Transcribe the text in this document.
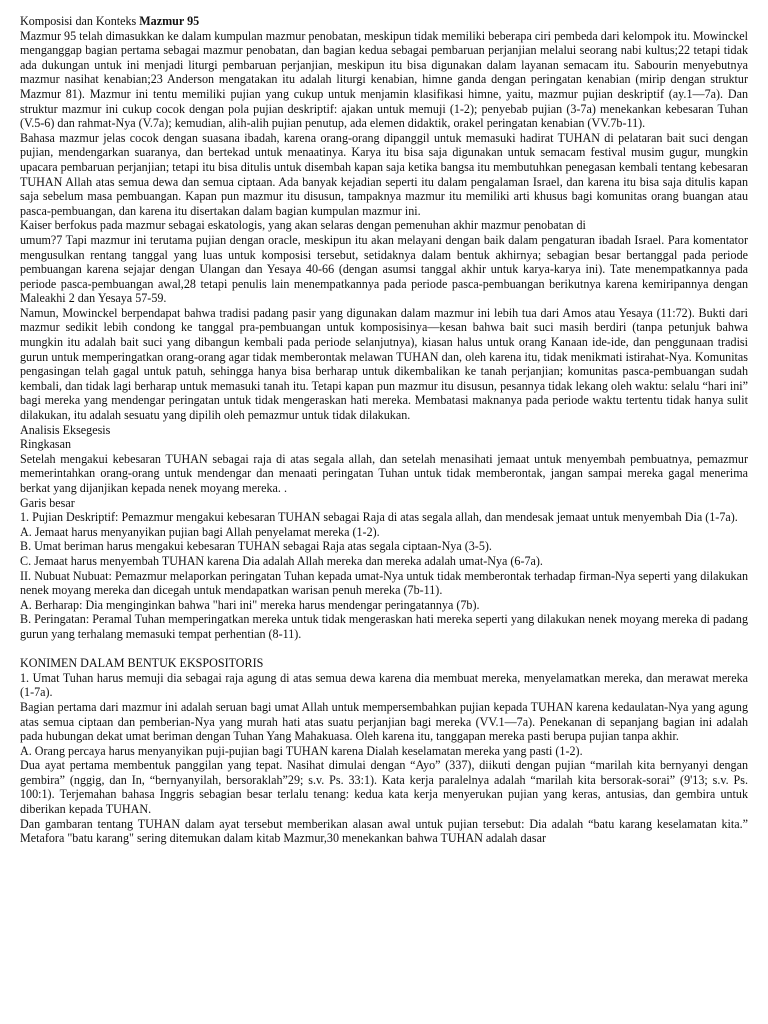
Komposisi dan Konteks Mazmur 95

Mazmur 95 telah dimasukkan ke dalam kumpulan mazmur penobatan, meskipun tidak memiliki beberapa ciri pembeda dari kelompok itu. Mowinckel menganggap bagian pertama sebagai mazmur penobatan, dan bagian kedua sebagai pembaruan perjanjian melalui seorang nabi kultus;22 tetapi tidak ada dukungan untuk ini menjadi liturgi pembaruan perjanjian, meskipun itu bisa digunakan dalam layanan semacam itu. Sabourin menyebutnya mazmur nasihat kenabian;23 Anderson mengatakan itu adalah liturgi kenabian, himne ganda dengan peringatan kenabian (mirip dengan struktur Mazmur 81). Mazmur ini tentu memiliki pujian yang cukup untuk menjamin klasifikasi himne, yaitu, mazmur pujian deskriptif (ay.1—7a). Dan struktur mazmur ini cukup cocok dengan pola pujian deskriptif: ajakan untuk memuji (1-2); penyebab pujian (3-7a) menekankan kebesaran Tuhan (V.5-6) dan rahmat-Nya (V.7a); kemudian, alih-alih pujian penutup, ada elemen didaktik, orakel peringatan kenabian (VV.7b-11).

Bahasa mazmur jelas cocok dengan suasana ibadah, karena orang-orang dipanggil untuk memasuki hadirat TUHAN di pelataran bait suci dengan pujian, mendengarkan suaranya, dan bertekad untuk menaatinya. Karya itu bisa saja digunakan untuk semacam festival musim gugur, mungkin upacara pembaruan perjanjian; tetapi itu bisa ditulis untuk disembah kapan saja ketika bangsa itu membutuhkan penegasan kembali tentang kebesaran TUHAN Allah atas semua dewa dan semua ciptaan. Ada banyak kejadian seperti itu dalam pengalaman Israel, dan karena itu bisa saja ditulis kapan saja sebelum masa pembuangan. Kapan pun mazmur itu disusun, tampaknya mazmur itu memiliki arti khusus bagi komunitas orang buangan atau pasca-pembuangan, dan karena itu disertakan dalam bagian kumpulan mazmur ini.

Kaiser berfokus pada mazmur sebagai eskatologis, yang akan selaras dengan pemenuhan akhir mazmur penobatan di

umum?7 Tapi mazmur ini terutama pujian dengan oracle, meskipun itu akan melayani dengan baik dalam pengaturan ibadah Israel. Para komentator mengusulkan rentang tanggal yang luas untuk komposisi tersebut, setidaknya dalam bentuk akhirnya; sebagian besar bertanggal pada periode pembuangan karena sejajar dengan Ulangan dan Yesaya 40-66 (dengan asumsi tanggal akhir untuk karya-karya ini). Tate menempatkannya pada periode pasca-pembuangan awal,28 tetapi penulis lain menempatkannya pada periode pasca-pembuangan berikutnya karena kemiripannya dengan Maleakhi 2 dan Yesaya 57-59.

Namun, Mowinckel berpendapat bahwa tradisi padang pasir yang digunakan dalam mazmur ini lebih tua dari Amos atau Yesaya (11:72). Bukti dari mazmur sedikit lebih condong ke tanggal pra-pembuangan untuk komposisinya—kesan bahwa bait suci masih berdiri (tanpa petunjuk bahwa mungkin itu adalah bait suci yang dibangun kembali pada periode selanjutnya), kiasan halus untuk orang Kanaan ide-ide, dan penggunaan tradisi gurun untuk memperingatkan orang-orang agar tidak memberontak melawan TUHAN dan, oleh karena itu, tidak menikmati istirahat-Nya. Komunitas pengasingan telah gagal untuk patuh, sehingga hanya bisa berharap untuk dikembalikan ke tanah perjanjian; komunitas pasca-pembuangan sudah kembali, dan tidak lagi berharap untuk memasuki tanah itu. Tetapi kapan pun mazmur itu disusun, pesannya tidak lekang oleh waktu: selalu “hari ini” bagi mereka yang mendengar peringatan untuk tidak mengeraskan hati mereka. Membatasi maknanya pada periode waktu tertentu tidak hanya sulit dilakukan, itu adalah sesuatu yang dipilih oleh pemazmur untuk tidak dilakukan.

Analisis Eksegesis

Ringkasan

Setelah mengakui kebesaran TUHAN sebagai raja di atas segala allah, dan setelah menasihati jemaat untuk menyembah pembuatnya, pemazmur memerintahkan orang-orang untuk mendengar dan menaati peringatan Tuhan untuk tidak memberontak, jangan sampai mereka gagal menerima berkat yang dijanjikan kepada nenek moyang mereka. .

Garis besar

1. Pujian Deskriptif: Pemazmur mengakui kebesaran TUHAN sebagai Raja di atas segala allah, dan mendesak jemaat untuk menyembah Dia (1-7a).

A. Jemaat harus menyanyikan pujian bagi Allah penyelamat mereka (1-2).

B. Umat beriman harus mengakui kebesaran TUHAN sebagai Raja atas segala ciptaan-Nya (3-5).

C. Jemaat harus menyembah TUHAN karena Dia adalah Allah mereka dan mereka adalah umat-Nya (6-7a).

II. Nubuat Nubuat: Pemazmur melaporkan peringatan Tuhan kepada umat-Nya untuk tidak memberontak terhadap firman-Nya seperti yang dilakukan nenek moyang mereka dan dicegah untuk mendapatkan warisan penuh mereka (7b-11).

A. Berharap: Dia menginginkan bahwa "hari ini" mereka harus mendengar peringatannya (7b).

B. Peringatan: Peramal Tuhan memperingatkan mereka untuk tidak mengeraskan hati mereka seperti yang dilakukan nenek moyang mereka di padang gurun yang terhalang memasuki tempat perhentian (8-11).

KONIMEN DALAM BENTUK EKSPOSITORIS

1. Umat Tuhan harus memuji dia sebagai raja agung di atas semua dewa karena dia membuat mereka, menyelamatkan mereka, dan merawat mereka (1-7a).

Bagian pertama dari mazmur ini adalah seruan bagi umat Allah untuk mempersembahkan pujian kepada TUHAN karena kedaulatan-Nya yang agung atas semua ciptaan dan pemberian-Nya yang murah hati atas suatu perjanjian bagi mereka (VV.1—7a). Penekanan di sepanjang bagian ini adalah pada hubungan dekat umat beriman dengan Tuhan Yang Mahakuasa. Oleh karena itu, tanggapan mereka pasti berupa pujian tanpa akhir.

A. Orang percaya harus menyanyikan puji-pujian bagi TUHAN karena Dialah keselamatan mereka yang pasti (1-2).

Dua ayat pertama membentuk panggilan yang tepat. Nasihat dimulai dengan “Ayo” (337), diikuti dengan pujian “marilah kita bernyanyi dengan gembira” (nggig, dan In, “bernyanyilah, bersoraklah”29; s.v. Ps. 33:1). Kata kerja paralelnya adalah “marilah kita bersorak-sorai” (9'13; s.v. Ps. 100:1). Terjemahan bahasa Inggris sebagian besar terlalu tenang: kedua kata kerja menyerukan pujian yang keras, antusias, dan gembira untuk diberikan kepada TUHAN.

Dan gambaran tentang TUHAN dalam ayat tersebut memberikan alasan awal untuk pujian tersebut: Dia adalah “batu karang keselamatan kita.” Metafora "batu karang" sering ditemukan dalam kitab Mazmur,30 menekankan bahwa TUHAN adalah dasar
